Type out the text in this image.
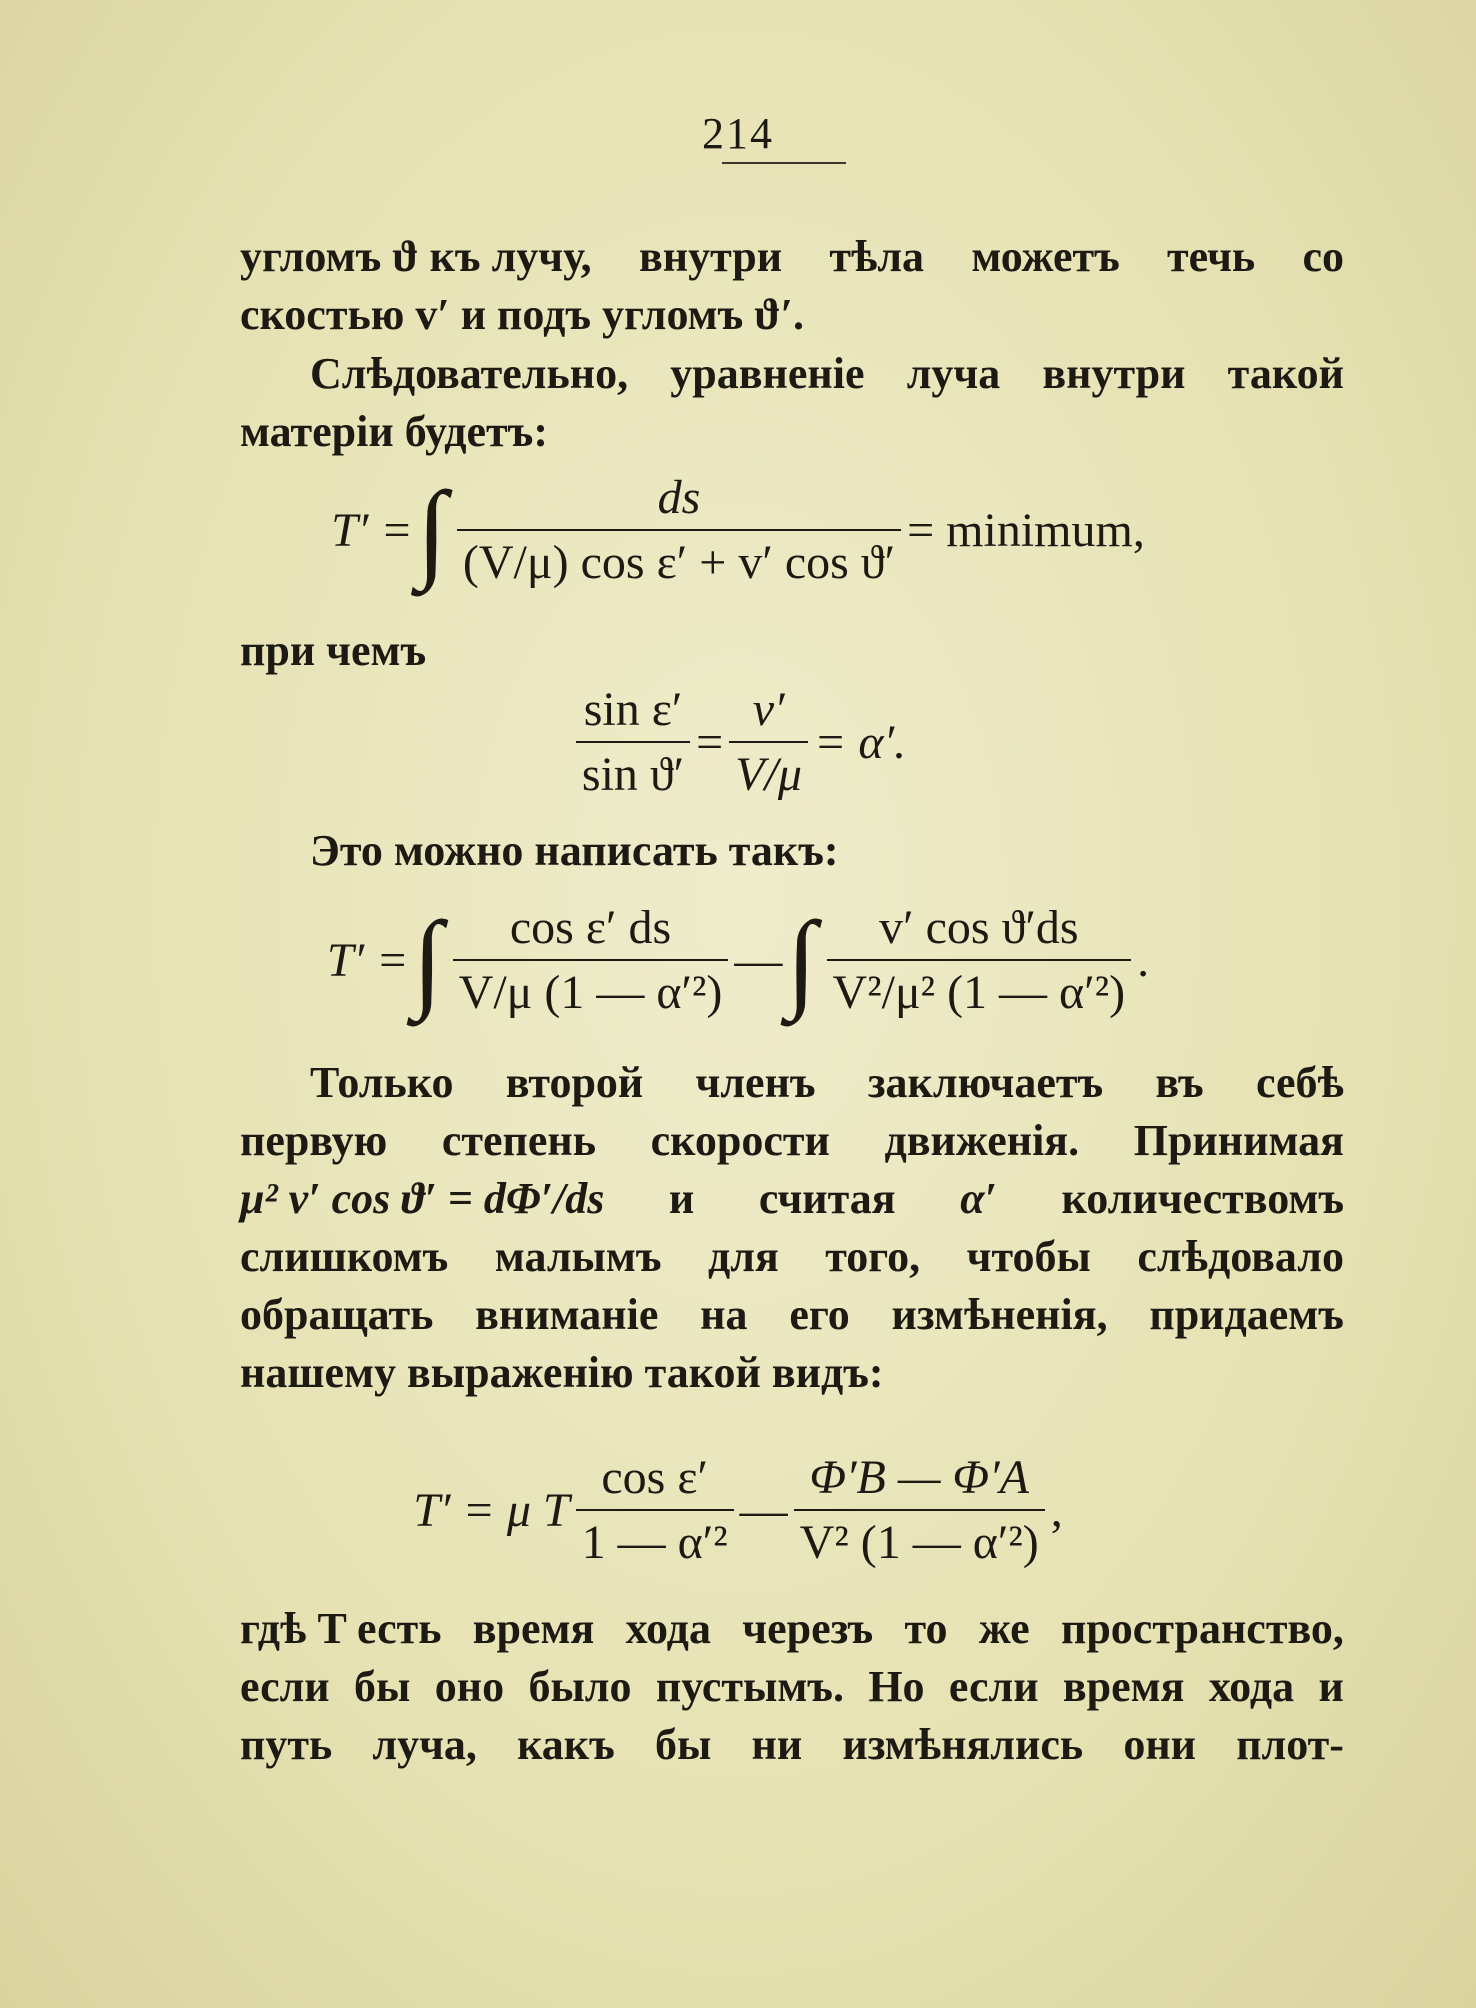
214
угломъ ϑ къ лучу, внутри тѣла можетъ течь со
скостью v′ и подъ угломъ ϑ′.
Слѣдовательно, уравненіе луча внутри такой
матеріи будетъ:
T′ = ∫ $\frac{ds}{\text{(V/μ) cos ε′ + v′ cos ϑ′}}$ = minimum,
при чемъ
$\frac{\text{sin ε′}}{\text{sin ϑ′}} = \frac{v'}{V/\mu} = \alpha'$.
Это можно написать такъ:
T′ = ∫ $\frac{\text{cos ε′ ds}}{\text{V/μ (1 — α′²)}}$ — ∫ $\frac{\text{v′ cos ϑ′ds}}{\text{V²/μ² (1 — α′²)}}$ .
Только второй членъ заключаетъ въ себѣ
первую степень скорости движенія. Принимая
μ² v′ cos ϑ′ = dΦ′/ds и считая α′ количествомъ
слишкомъ малымъ для того, чтобы слѣдовало
обращать вниманіе на его измѣненія, придаемъ
нашему выраженію такой видъ:
T′ = μ T $\frac{\text{cos ε′}}{\text{1 — α′²}}$ — $\frac{\Phi'B — \Phi'A}{\text{V² (1 — α′²)}}$ ,
гдѣ T есть время хода черезъ то же пространство,
если бы оно было пустымъ. Но если время хода и
путь луча, какъ бы ни измѣнялись они плот-
